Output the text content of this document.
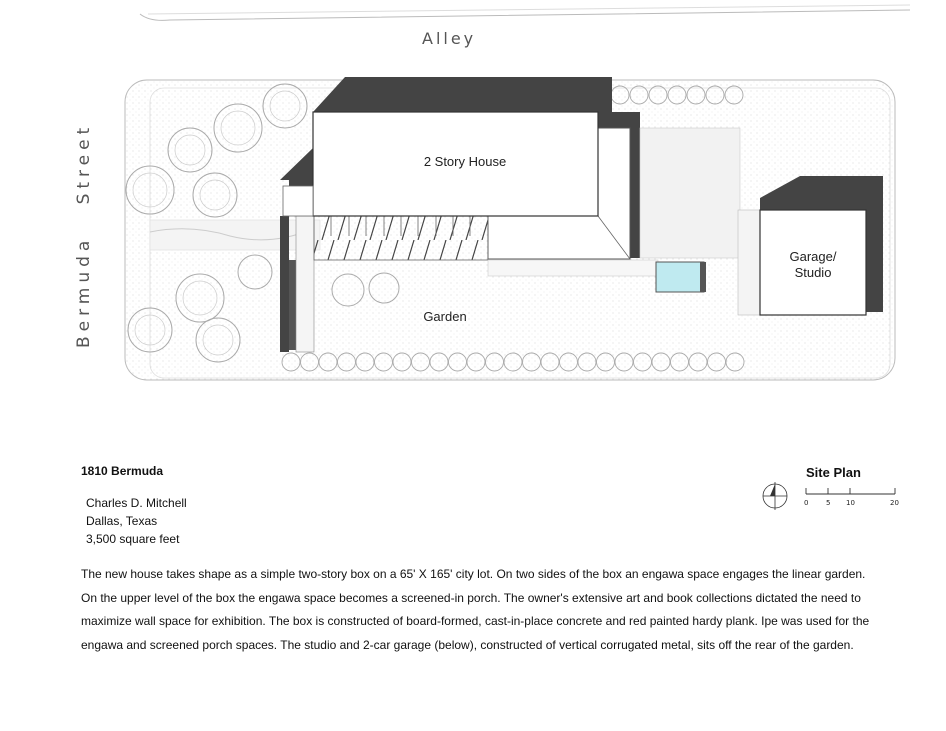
Alley
Bermuda   Street	2 Story House
Garage/
Studio
Garden
1810 Bermuda
Charles D. Mitchell
Dallas, Texas
3,500 square feet
The new house takes shape as a simple two-story box on a 65' X 165' city lot. On two sides of the box an engawa space engages the linear garden.
On the upper level of the box the engawa space becomes a screened-in porch. The owner's extensive art and book collections dictated the need to
maximize wall space for exhibition. The box is constructed of board-formed, cast-in-place concrete and red painted hardy plank. Ipe was used for the
engawa and screened porch spaces. The studio and 2-car garage (below), constructed of vertical corrugated metal, sits off the rear of the garden.
Site Plan
0	5 10	20
